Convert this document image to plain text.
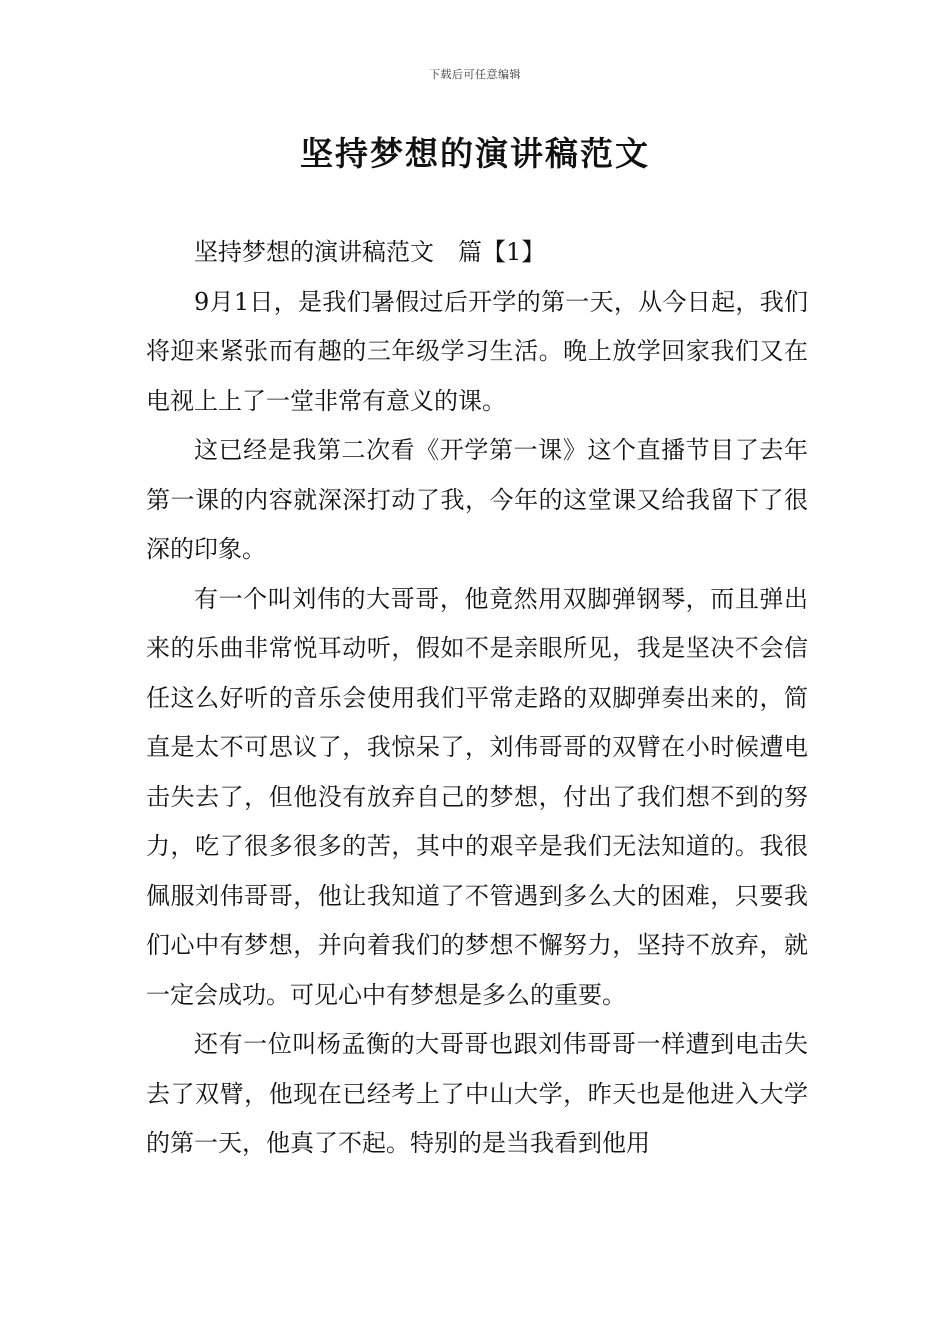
下载后可任意编辑
坚持梦想的演讲稿范文

坚持梦想的演讲稿范文　篇【1】

9月1日，是我们暑假过后开学的第一天，从今日起，我们将迎来紧张而有趣的三年级学习生活。晚上放学回家我们又在电视上上了一堂非常有意义的课。

这已经是我第二次看《开学第一课》这个直播节目了去年第一课的内容就深深打动了我，今年的这堂课又给我留下了很深的印象。

有一个叫刘伟的大哥哥，他竟然用双脚弹钢琴，而且弹出来的乐曲非常悦耳动听，假如不是亲眼所见，我是坚决不会信任这么好听的音乐会使用我们平常走路的双脚弹奏出来的，简直是太不可思议了，我惊呆了，刘伟哥哥的双臂在小时候遭电击失去了，但他没有放弃自己的梦想，付出了我们想不到的努力，吃了很多很多的苦，其中的艰辛是我们无法知道的。我很佩服刘伟哥哥，他让我知道了不管遇到多么大的困难，只要我们心中有梦想，并向着我们的梦想不懈努力，坚持不放弃，就一定会成功。可见心中有梦想是多么的重要。

还有一位叫杨孟衡的大哥哥也跟刘伟哥哥一样遭到电击失去了双臂，他现在已经考上了中山大学，昨天也是他进入大学的第一天，他真了不起。特别的是当我看到他用
